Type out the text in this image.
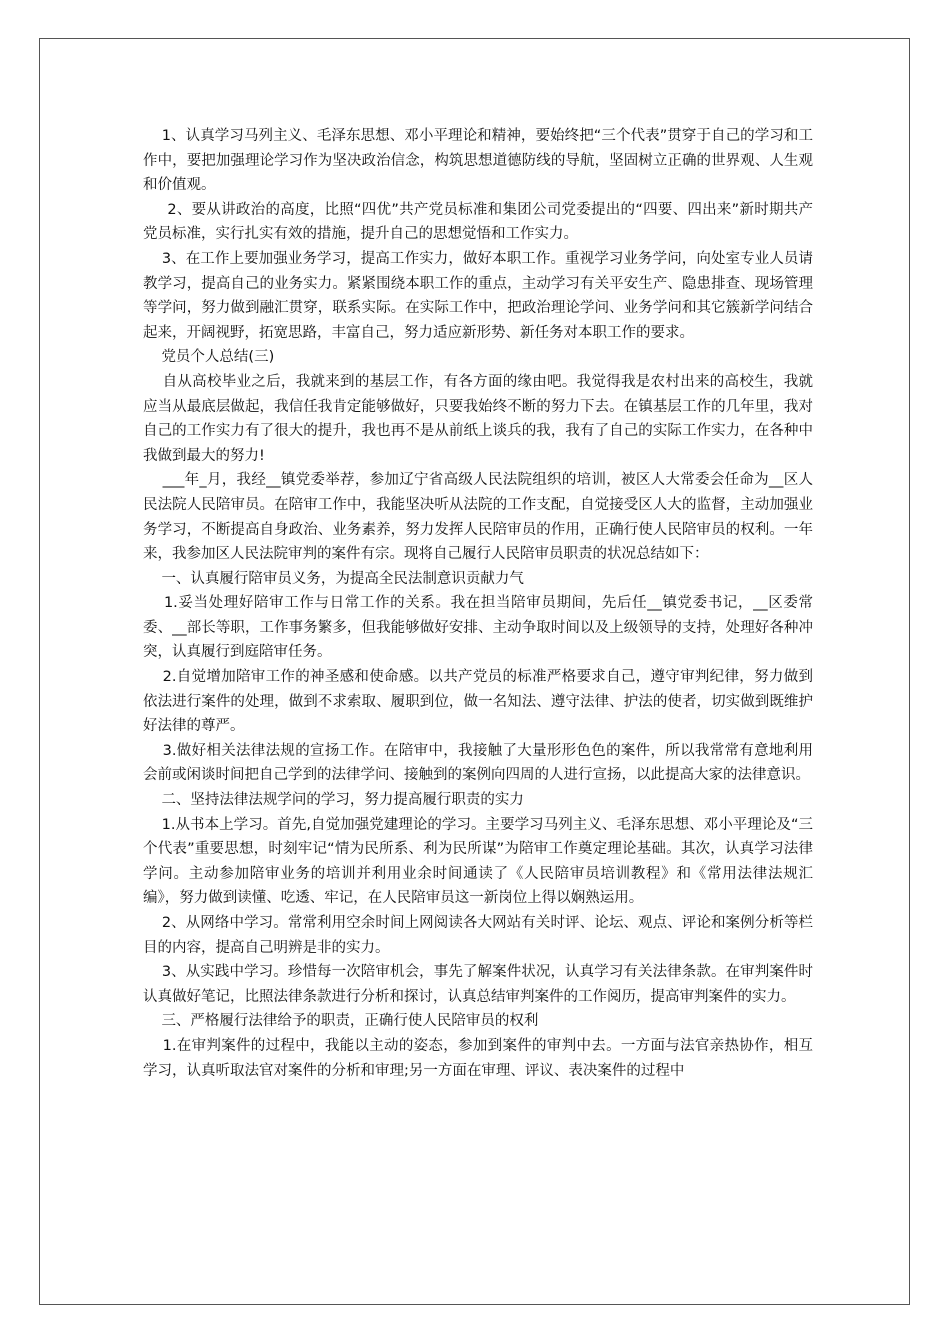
1、认真学习马列主义、毛泽东思想、邓小平理论和精神，要始终把“三个代表”贯穿于自己的学习和工作中，要把加强理论学习作为坚决政治信念，构筑思想道德防线的导航，坚固树立正确的世界观、人生观和价值观。

2、要从讲政治的高度，比照“四优”共产党员标准和集团公司党委提出的“四要、四出来”新时期共产党员标准，实行扎实有效的措施，提升自己的思想觉悟和工作实力。

3、在工作上要加强业务学习，提高工作实力，做好本职工作。重视学习业务学问，向处室专业人员请教学习，提高自己的业务实力。紧紧围绕本职工作的重点，主动学习有关平安生产、隐患排查、现场管理等学问，努力做到融汇贯穿，联系实际。在实际工作中，把政治理论学问、业务学问和其它簇新学问结合起来，开阔视野，拓宽思路，丰富自己，努力适应新形势、新任务对本职工作的要求。

党员个人总结(三)

自从高校毕业之后，我就来到的基层工作，有各方面的缘由吧。我觉得我是农村出来的高校生，我就应当从最底层做起，我信任我肯定能够做好，只要我始终不断的努力下去。在镇基层工作的几年里，我对自己的工作实力有了很大的提升，我也再不是从前纸上谈兵的我，我有了自己的实际工作实力，在各种中我做到最大的努力!

___年_月，我经__镇党委举荐，参加辽宁省高级人民法院组织的培训，被区人大常委会任命为__区人民法院人民陪审员。在陪审工作中，我能坚决听从法院的工作支配，自觉接受区人大的监督，主动加强业务学习，不断提高自身政治、业务素养，努力发挥人民陪审员的作用，正确行使人民陪审员的权利。一年来，我参加区人民法院审判的案件有宗。现将自己履行人民陪审员职责的状况总结如下：

一、认真履行陪审员义务，为提高全民法制意识贡献力气

1.妥当处理好陪审工作与日常工作的关系。我在担当陪审员期间，先后任__镇党委书记，__区委常委、__部长等职，工作事务繁多，但我能够做好安排、主动争取时间以及上级领导的支持，处理好各种冲突，认真履行到庭陪审任务。

2.自觉增加陪审工作的神圣感和使命感。以共产党员的标准严格要求自己，遵守审判纪律，努力做到依法进行案件的处理，做到不求索取、履职到位，做一名知法、遵守法律、护法的使者，切实做到既维护好法律的尊严。

3.做好相关法律法规的宣扬工作。在陪审中，我接触了大量形形色色的案件，所以我常常有意地利用会前或闲谈时间把自己学到的法律学问、接触到的案例向四周的人进行宣扬，以此提高大家的法律意识。

二、坚持法律法规学问的学习，努力提高履行职责的实力

1.从书本上学习。首先,自觉加强党建理论的学习。主要学习马列主义、毛泽东思想、邓小平理论及“三个代表”重要思想，时刻牢记“情为民所系、利为民所谋”为陪审工作奠定理论基础。其次，认真学习法律学问。主动参加陪审业务的培训并利用业余时间通读了《人民陪审员培训教程》和《常用法律法规汇编》，努力做到读懂、吃透、牢记，在人民陪审员这一新岗位上得以娴熟运用。

2、从网络中学习。常常利用空余时间上网阅读各大网站有关时评、论坛、观点、评论和案例分析等栏目的内容，提高自己明辨是非的实力。

3、从实践中学习。珍惜每一次陪审机会，事先了解案件状况，认真学习有关法律条款。在审判案件时认真做好笔记，比照法律条款进行分析和探讨，认真总结审判案件的工作阅历，提高审判案件的实力。

三、严格履行法律给予的职责，正确行使人民陪审员的权利

1.在审判案件的过程中，我能以主动的姿态，参加到案件的审判中去。一方面与法官亲热协作，相互学习，认真听取法官对案件的分析和审理;另一方面在审理、评议、表决案件的过程中
